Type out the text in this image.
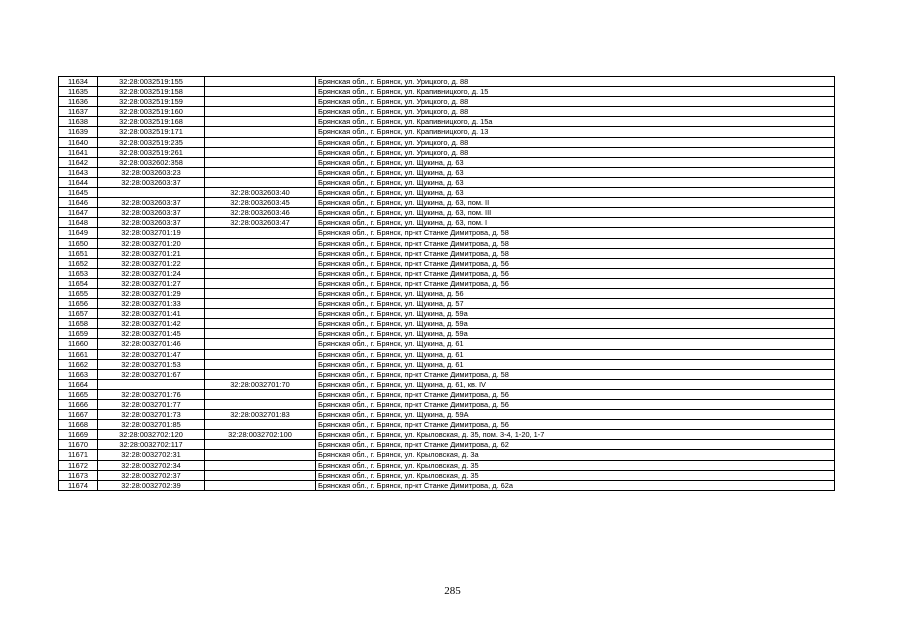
11634	32:28:0032519:155		Брянская обл., г. Брянск, ул. Урицкого, д. 88
11635	32:28:0032519:158		Брянская обл., г. Брянск, ул. Крапивницкого, д. 15
11636	32:28:0032519:159		Брянская обл., г. Брянск, ул. Урицкого, д. 88
11637	32:28:0032519:160		Брянская обл., г. Брянск, ул. Урицкого, д. 88
11638	32:28:0032519:168		Брянская обл., г. Брянск, ул. Крапивницкого, д. 15а
11639	32:28:0032519:171		Брянская обл., г. Брянск, ул. Крапивницкого, д. 13
11640	32:28:0032519:235		Брянская обл., г. Брянск, ул. Урицкого, д. 88
11641	32:28:0032519:261		Брянская обл., г. Брянск, ул. Урицкого, д. 88
11642	32:28:0032602:358		Брянская обл., г. Брянск, ул. Щукина, д. 63
11643	32:28:0032603:23		Брянская обл., г. Брянск, ул. Щукина, д. 63
11644	32:28:0032603:37		Брянская обл., г. Брянск, ул. Щукина, д. 63
11645		32:28:0032603:40	Брянская обл., г. Брянск, ул. Щукина, д. 63
11646	32:28:0032603:37	32:28:0032603:45	Брянская обл., г. Брянск, ул. Щукина, д. 63, пом. II
11647	32:28:0032603:37	32:28:0032603:46	Брянская обл., г. Брянск, ул. Щукина, д. 63, пом. III
11648	32:28:0032603:37	32:28:0032603:47	Брянская обл., г. Брянск, ул. Щукина, д. 63, пом. I
11649	32:28:0032701:19		Брянская обл., г. Брянск, пр-кт Станке Димитрова, д. 58
11650	32:28:0032701:20		Брянская обл., г. Брянск, пр-кт Станке Димитрова, д. 58
11651	32:28:0032701:21		Брянская обл., г. Брянск, пр-кт Станке Димитрова, д. 58
11652	32:28:0032701:22		Брянская обл., г. Брянск, пр-кт Станке Димитрова, д. 56
11653	32:28:0032701:24		Брянская обл., г. Брянск, пр-кт Станке Димитрова, д. 56
11654	32:28:0032701:27		Брянская обл., г. Брянск, пр-кт Станке Димитрова, д. 56
11655	32:28:0032701:29		Брянская обл., г. Брянск, ул. Щукина, д. 56
11656	32:28:0032701:33		Брянская обл., г. Брянск, ул. Щукина, д. 57
11657	32:28:0032701:41		Брянская обл., г. Брянск, ул. Щукина, д. 59а
11658	32:28:0032701:42		Брянская обл., г. Брянск, ул. Щукина, д. 59а
11659	32:28:0032701:45		Брянская обл., г. Брянск, ул. Щукина, д. 59а
11660	32:28:0032701:46		Брянская обл., г. Брянск, ул. Щукина, д. 61
11661	32:28:0032701:47		Брянская обл., г. Брянск, ул. Щукина, д. 61
11662	32:28:0032701:53		Брянская обл., г. Брянск, ул. Щукина, д. 61
11663	32:28:0032701:67		Брянская обл., г. Брянск, пр-кт Станке Димитрова, д. 58
11664		32:28:0032701:70	Брянская обл., г. Брянск, ул. Щукина, д. 61, кв. IV
11665	32:28:0032701:76		Брянская обл., г. Брянск, пр-кт Станке Димитрова, д. 56
11666	32:28:0032701:77		Брянская обл., г. Брянск, пр-кт Станке Димитрова, д. 56
11667	32:28:0032701:73	32:28:0032701:83	Брянская обл., г. Брянск, ул. Щукина, д. 59А
11668	32:28:0032701:85		Брянская обл., г. Брянск, пр-кт Станке Димитрова, д. 56
11669	32:28:0032702:120	32:28:0032702:100	Брянская обл., г. Брянск, ул. Крыловская, д. 35, пом. 3-4, 1-20, 1-7
11670	32:28:0032702:117		Брянская обл., г. Брянск, пр-кт Станке Димитрова, д. 62
11671	32:28:0032702:31		Брянская обл., г. Брянск, ул. Крыловская, д. 3а
11672	32:28:0032702:34		Брянская обл., г. Брянск, ул. Крыловская, д. 35
11673	32:28:0032702:37		Брянская обл., г. Брянск, ул. Крыловская, д. 35
11674	32:28:0032702:39		Брянская обл., г. Брянск, пр-кт Станке Димитрова, д. 62а
285
